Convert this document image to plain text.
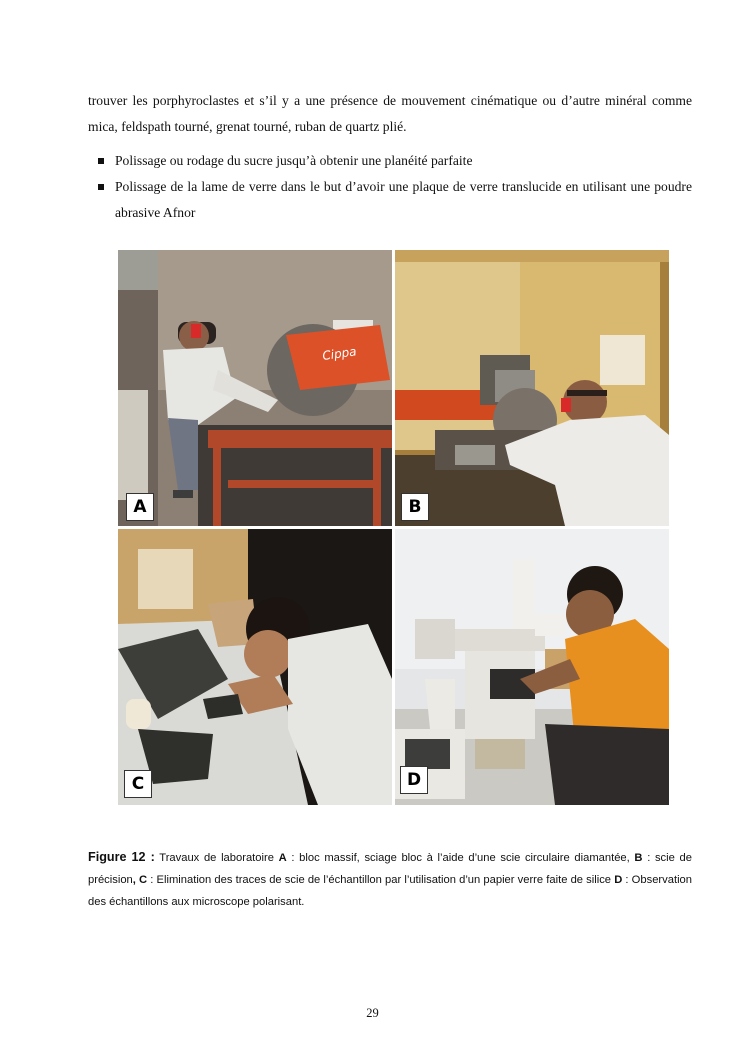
trouver les porphyroclastes et s’il y a une présence de mouvement cinématique ou d’autre minéral comme mica, feldspath tourné, grenat tourné, ruban de quartz plié.

Polissage ou rodage du sucre jusqu’à obtenir une planéité parfaite
Polissage de la lame de verre dans le but d’avoir une plaque de verre translucide en utilisant une poudre abrasive Afnor
Cippa
A	B
C	D

Figure 12 : Travaux de laboratoire A : bloc massif, sciage bloc à l’aide d’une scie circulaire diamantée, B : scie de précision, C : Elimination des traces de scie de l’échantillon par l’utilisation d’un papier verre faite de silice D : Observation des échantillons aux microscope polarisant.

29
